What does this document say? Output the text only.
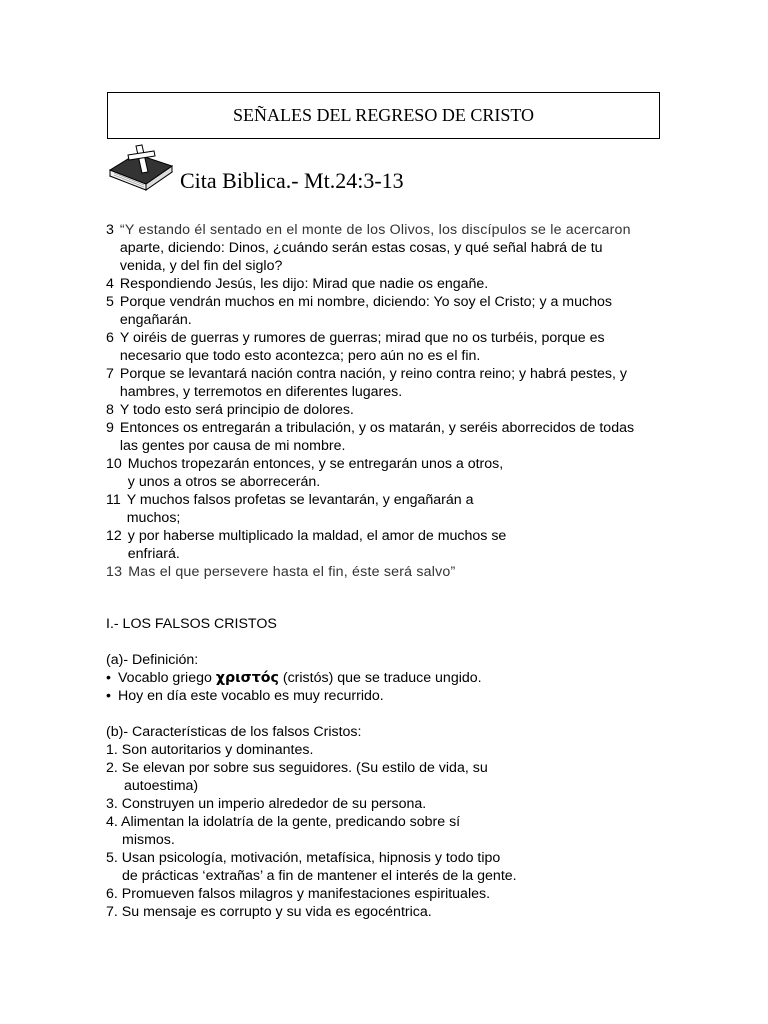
SEÑALES DEL REGRESO DE CRISTO
Cita Biblica.- Mt.24:3-13
3 “Y estando él sentado en el monte de los Olivos, los discípulos se le acercaron
aparte, diciendo: Dinos, ¿cuándo serán estas cosas, y qué señal habrá de tu
venida, y del fin del siglo?
4 Respondiendo Jesús, les dijo: Mirad que nadie os engañe.
5 Porque vendrán muchos en mi nombre, diciendo: Yo soy el Cristo; y a muchos
engañarán.
6 Y oiréis de guerras y rumores de guerras; mirad que no os turbéis, porque es
necesario que todo esto acontezca; pero aún no es el fin.
7 Porque se levantará nación contra nación, y reino contra reino; y habrá pestes, y
hambres, y terremotos en diferentes lugares.
8 Y todo esto será principio de dolores.
9 Entonces os entregarán a tribulación, y os matarán, y seréis aborrecidos de todas
las gentes por causa de mi nombre.
10 Muchos tropezarán entonces, y se entregarán unos a otros,
y unos a otros se aborrecerán.
11 Y muchos falsos profetas se levantarán, y engañarán a
muchos;
12 y por haberse multiplicado la maldad, el amor de muchos se
enfriará.
13 Mas el que persevere hasta el fin, éste será salvo”
I.- LOS FALSOS CRISTOS
(a)- Definición:
• Vocablo griego χριστός (cristós) que se traduce ungido.
• Hoy en día este vocablo es muy recurrido.
(b)- Características de los falsos Cristos:
1. Son autoritarios y dominantes.
2. Se elevan por sobre sus seguidores. (Su estilo de vida, su
autoestima)
3. Construyen un imperio alrededor de su persona.
4. Alimentan la idolatría de la gente, predicando sobre sí
mismos.
5. Usan psicología, motivación, metafísica, hipnosis y todo tipo
de prácticas ‘extrañas’ a fin de mantener el interés de la gente.
6. Promueven falsos milagros y manifestaciones espirituales.
7. Su mensaje es corrupto y su vida es egocéntrica.
